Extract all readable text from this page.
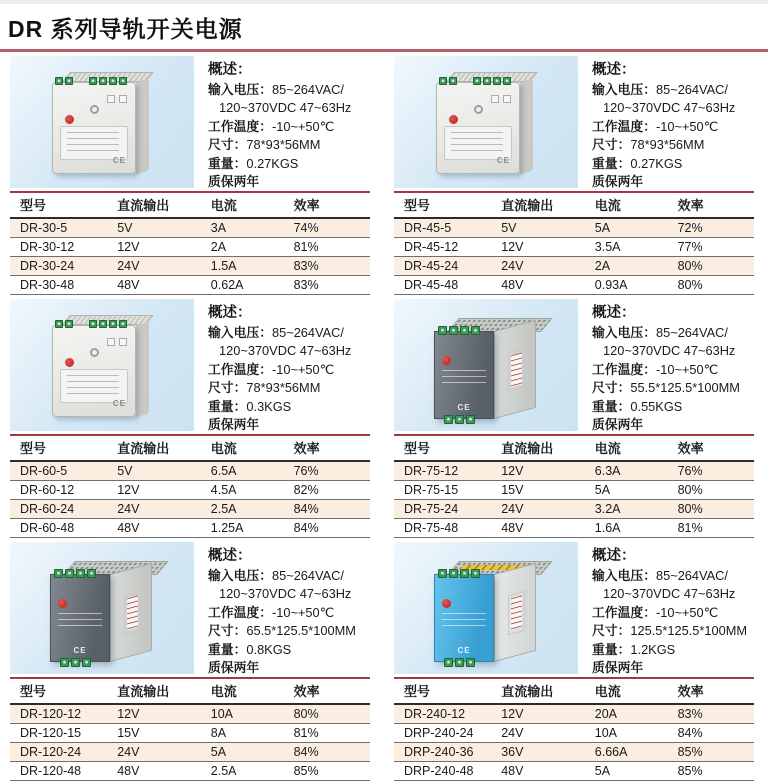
DR 系列导轨开关电源
CE
概述：
输入电压：85~264VAC/
120~370VDC 47~63Hz
工作温度：-10~+50℃
尺寸：78*93*56MM
重量：0.27KGS
质保两年
型号	直流输出	电流	效率
DR-30-5	5V	3A	74%
DR-30-12	12V	2A	81%
DR-30-24	24V	1.5A	83%
DR-30-48	48V	0.62A	83%
CE
概述：
输入电压：85~264VAC/
120~370VDC 47~63Hz
工作温度：-10~+50℃
尺寸：78*93*56MM
重量：0.27KGS
质保两年
型号	直流输出	电流	效率
DR-45-5	5V	5A	72%
DR-45-12	12V	3.5A	77%
DR-45-24	24V	2A	80%
DR-45-48	48V	0.93A	80%
CE
概述：
输入电压：85~264VAC/
120~370VDC 47~63Hz
工作温度：-10~+50℃
尺寸：78*93*56MM
重量：0.3KGS
质保两年
型号	直流输出	电流	效率
DR-60-5	5V	6.5A	76%
DR-60-12	12V	4.5A	82%
DR-60-24	24V	2.5A	84%
DR-60-48	48V	1.25A	84%
CE
概述：
输入电压：85~264VAC/
120~370VDC 47~63Hz
工作温度：-10~+50℃
尺寸：55.5*125.5*100MM
重量：0.55KGS
质保两年
型号	直流输出	电流	效率
DR-75-12	12V	6.3A	76%
DR-75-15	15V	5A	80%
DR-75-24	24V	3.2A	80%
DR-75-48	48V	1.6A	81%
CE
概述：
输入电压：85~264VAC/
120~370VDC 47~63Hz
工作温度：-10~+50℃
尺寸：65.5*125.5*100MM
重量：0.8KGS
质保两年
型号	直流输出	电流	效率
DR-120-12	12V	10A	80%
DR-120-15	15V	8A	81%
DR-120-24	24V	5A	84%
DR-120-48	48V	2.5A	85%
CE
概述：
输入电压：85~264VAC/
120~370VDC 47~63Hz
工作温度：-10~+50℃
尺寸：125.5*125.5*100MM
重量：1.2KGS
质保两年
型号	直流输出	电流	效率
DR-240-12	12V	20A	83%
DRP-240-24	24V	10A	84%
DRP-240-36	36V	6.66A	85%
DRP-240-48	48V	5A	85%
